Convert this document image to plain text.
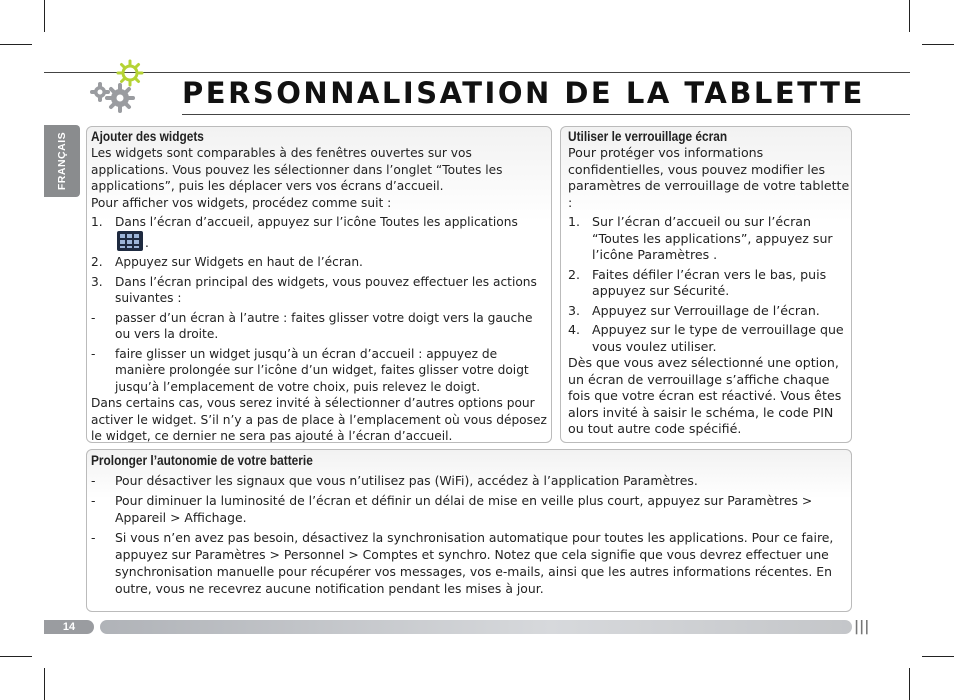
PERSONNALISATION DE LA TABLETTE
FRANÇAIS Ajouter des widgets

Les widgets sont comparables à des fenêtres ouvertes sur vos applications. Vous pouvez les sélectionner dans l’onglet “Toutes les applications”, puis les déplacer vers vos écrans d’accueil.

Pour afficher vos widgets, procédez comme suit :

1. Dans l’écran d’accueil, appuyez sur l’icône Toutes les applications
.

2. Appuyez sur Widgets en haut de l’écran.

3. Dans l’écran principal des widgets, vous pouvez effectuer les actions suivantes :

- passer d’un écran à l’autre : faites glisser votre doigt vers la gauche ou vers la droite.

- faire glisser un widget jusqu’à un écran d’accueil : appuyez de manière prolongée sur l’icône d’un widget, faites glisser votre doigt jusqu’à l’emplacement de votre choix, puis relevez le doigt.

Dans certains cas, vous serez invité à sélectionner d’autres options pour activer le widget. S’il n’y a pas de place à l’emplacement où vous déposez le widget, ce dernier ne sera pas ajouté à l’écran d’accueil.

Utiliser le verrouillage écran

Pour protéger vos informations confidentielles, vous pouvez modifier les paramètres de verrouillage de votre tablette :

1. Sur l’écran d’accueil ou sur l’écran “Toutes les applications”, appuyez sur l’icône Paramètres .

2. Faites défiler l’écran vers le bas, puis appuyez sur Sécurité.

3. Appuyez sur Verrouillage de l’écran.

4. Appuyez sur le type de verrouillage que vous voulez utiliser.

Dès que vous avez sélectionné une option, un écran de verrouillage s’affiche chaque fois que votre écran est réactivé. Vous êtes alors invité à saisir le schéma, le code PIN ou tout autre code spécifié.

Prolonger l’autonomie de votre batterie

- Pour désactiver les signaux que vous n’utilisez pas (WiFi), accédez à l’application Paramètres.

- Pour diminuer la luminosité de l’écran et définir un délai de mise en veille plus court, appuyez sur Paramètres > Appareil > Affichage.

- Si vous n’en avez pas besoin, désactivez la synchronisation automatique pour toutes les applications. Pour ce faire, appuyez sur Paramètres > Personnel > Comptes et synchro. Notez que cela signifie que vous devrez effectuer une synchronisation manuelle pour récupérer vos messages, vos e-mails, ainsi que les autres informations récentes. En outre, vous ne recevrez aucune notification pendant les mises à jour.

14	|||
